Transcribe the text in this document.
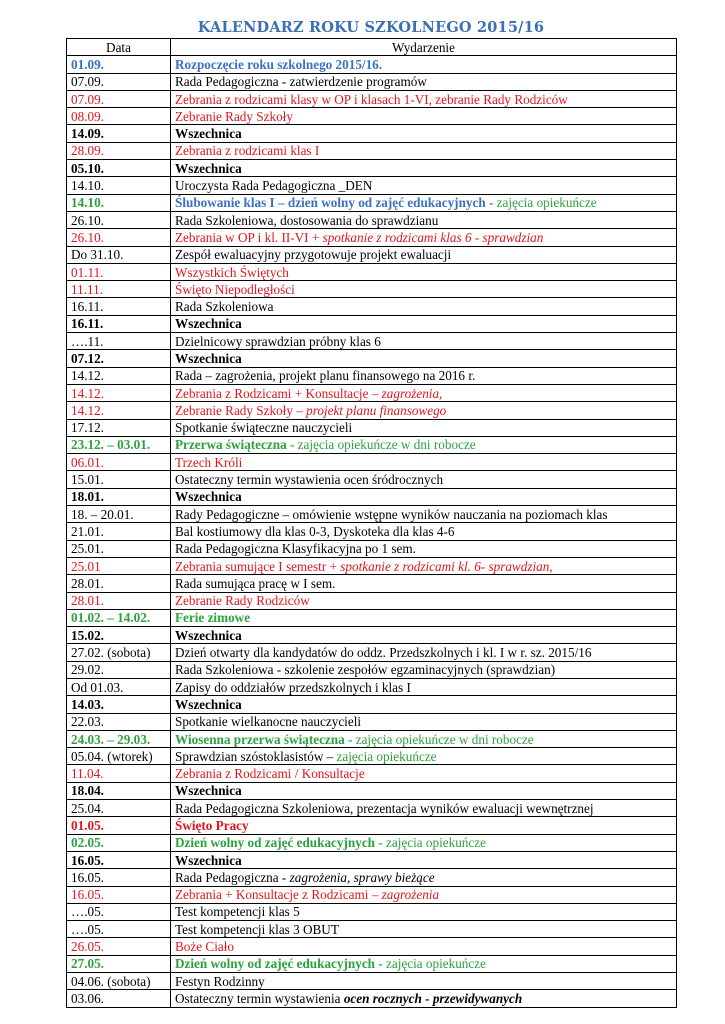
KALENDARZ ROKU SZKOLNEGO 2015/16
Data	Wydarzenie
01.09.	Rozpoczęcie roku szkolnego 2015/16.
07.09.	Rada Pedagogiczna - zatwierdzenie programów
07.09.	Zebrania z rodzicami klasy w OP i klasach 1-VI, zebranie Rady Rodziców
08.09.	Zebranie Rady Szkoły
14.09.	Wszechnica
28.09.	Zebrania z rodzicami klas I
05.10.	Wszechnica
14.10.	Uroczysta Rada Pedagogiczna _DEN
14.10.	Ślubowanie klas I – dzień wolny od zajęć edukacyjnych - zajęcia opiekuńcze
26.10.	Rada Szkoleniowa, dostosowania do sprawdzianu
26.10.	Zebrania w OP i kl. II-VI + spotkanie z rodzicami klas 6 - sprawdzian
Do 31.10.	Zespół ewaluacyjny przygotowuje projekt ewaluacji
01.11.	Wszystkich Świętych
11.11.	Święto Niepodległości
16.11.	Rada Szkoleniowa
16.11.	Wszechnica
….11.	Dzielnicowy sprawdzian próbny klas 6
07.12.	Wszechnica
14.12.	Rada – zagrożenia, projekt planu finansowego na 2016 r.
14.12.	Zebrania z Rodzicami + Konsultacje – zagrożenia,
14.12.	Zebranie Rady Szkoły – projekt planu finansowego
17.12.	Spotkanie świąteczne nauczycieli
23.12. – 03.01.	Przerwa świąteczna - zajęcia opiekuńcze w dni robocze
06.01.	Trzech Króli
15.01.	Ostateczny termin wystawienia ocen śródrocznych
18.01.	Wszechnica
18. – 20.01.	Rady Pedagogiczne – omówienie wstępne wyników nauczania na poziomach klas
21.01.	Bal kostiumowy dla klas 0-3, Dyskoteka dla klas 4-6
25.01.	Rada Pedagogiczna Klasyfikacyjna po 1 sem.
25.01	Zebrania sumujące I semestr + spotkanie z rodzicami kl. 6- sprawdzian,
28.01.	Rada sumująca pracę w I sem.
28.01.	Zebranie Rady Rodziców
01.02. – 14.02.	Ferie zimowe
15.02.	Wszechnica
27.02. (sobota)	Dzień otwarty dla kandydatów do oddz. Przedszkolnych i kl. I w r. sz. 2015/16
29.02.	Rada Szkoleniowa - szkolenie zespołów egzaminacyjnych (sprawdzian)
Od 01.03.	Zapisy do oddziałów przedszkolnych i klas I
14.03.	Wszechnica
22.03.	Spotkanie wielkanocne nauczycieli
24.03. – 29.03.	Wiosenna przerwa świąteczna - zajęcia opiekuńcze w dni robocze
05.04. (wtorek)	Sprawdzian szóstoklasistów – zajęcia opiekuńcze
11.04.	Zebrania z Rodzicami / Konsultacje
18.04.	Wszechnica
25.04.	Rada Pedagogiczna Szkoleniowa, prezentacja wyników ewaluacji wewnętrznej
01.05.	Święto Pracy
02.05.	Dzień wolny od zajęć edukacyjnych - zajęcia opiekuńcze
16.05.	Wszechnica
16.05.	Rada Pedagogiczna - zagrożenia, sprawy bieżące
16.05.	Zebrania + Konsultacje z Rodzicami – zagrożenia
….05.	Test kompetencji klas 5
….05.	Test kompetencji klas 3 OBUT
26.05.	Boże Ciało
27.05.	Dzień wolny od zajęć edukacyjnych - zajęcia opiekuńcze
04.06. (sobota)	Festyn Rodzinny
03.06.	Ostateczny termin wystawienia ocen rocznych - przewidywanych
